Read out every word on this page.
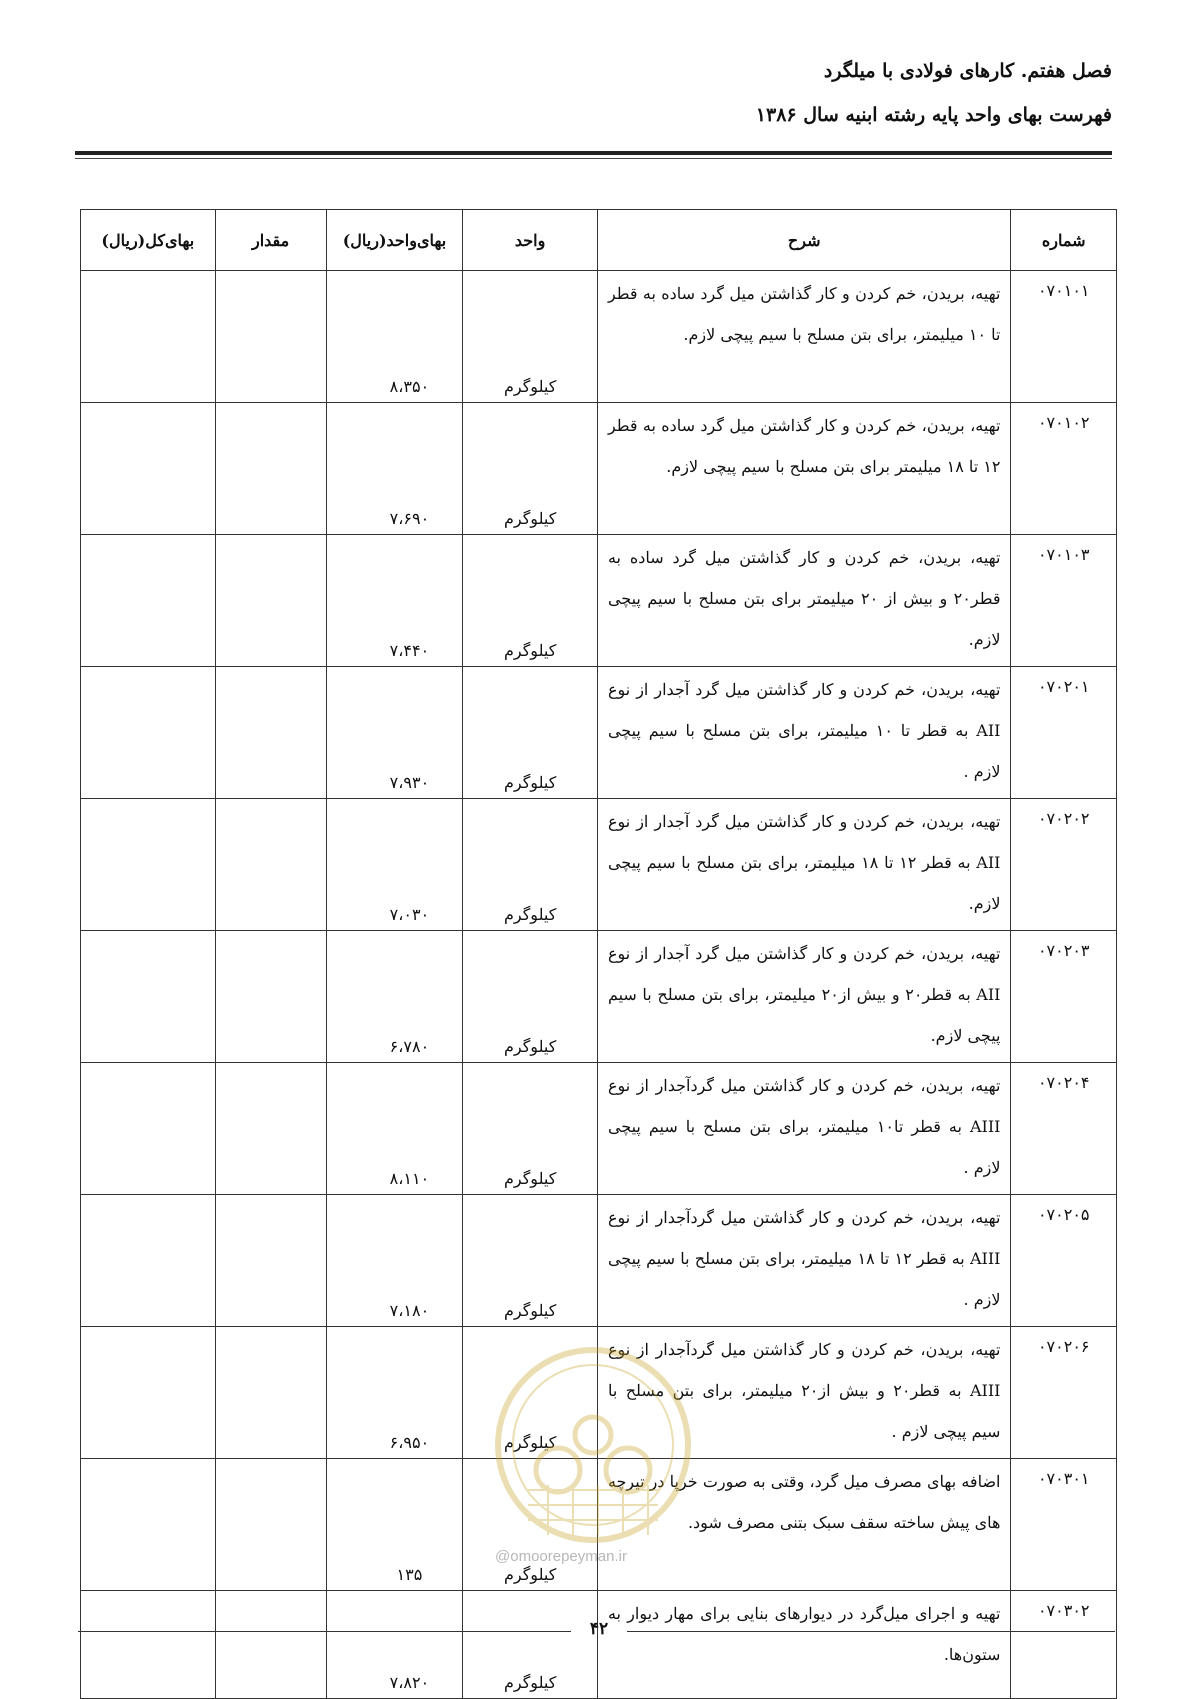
فصل هفتم. کارهای فولادی با میلگرد
فهرست بهای واحد پایه رشته ابنیه سال ۱۳۸۶
شماره	شرح	واحد	بهای‌واحد(ریال)	مقدار	بهای‌کل(ریال)
۰۷۰۱۰۱	تهیه، بریدن، خم کردن و کار گذاشتن میل گرد ساده به قطر تا ۱۰ میلیمتر، برای بتن مسلح با سیم پیچی لازم.	کیلوگرم	۸،۳۵۰		
۰۷۰۱۰۲	تهیه، بریدن، خم کردن و کار گذاشتن میل گرد ساده به قطر ۱۲ تا ۱۸ میلیمتر برای بتن مسلح با سیم پیچی لازم.	کیلوگرم	۷،۶۹۰		
۰۷۰۱۰۳	تهیه، بریدن، خم کردن و کار گذاشتن میل گرد ساده به قطر۲۰ و بیش از ۲۰ میلیمتر برای بتن مسلح با سیم پیچی لازم.	کیلوگرم	۷،۴۴۰		
۰۷۰۲۰۱	تهیه، بریدن، خم کردن و کار گذاشتن میل گرد آجدار از نوع AII به قطر تا ۱۰ میلیمتر، برای بتن مسلح با سیم پیچی لازم .	کیلوگرم	۷،۹۳۰		
۰۷۰۲۰۲	تهیه، بریدن، خم کردن و کار گذاشتن میل گرد آجدار از نوع AII به قطر ۱۲ تا ۱۸ میلیمتر، برای بتن مسلح با سیم پیچی لازم.	کیلوگرم	۷،۰۳۰		
۰۷۰۲۰۳	تهیه، بریدن، خم کردن و کار گذاشتن میل گرد آجدار از نوع AII به قطر۲۰ و بیش از۲۰ میلیمتر، برای بتن مسلح با سیم پیچی لازم.	کیلوگرم	۶،۷۸۰		
۰۷۰۲۰۴	تهیه، بریدن، خم کردن و کار گذاشتن میل گردآجدار از نوع AIII به قطر تا۱۰ میلیمتر، برای بتن مسلح با سیم پیچی لازم .	کیلوگرم	۸،۱۱۰		
۰۷۰۲۰۵	تهیه، بریدن، خم کردن و کار گذاشتن میل گردآجدار از نوع AIII به قطر ۱۲ تا ۱۸ میلیمتر، برای بتن مسلح با سیم پیچی لازم .	کیلوگرم	۷،۱۸۰		
۰۷۰۲۰۶	تهیه، بریدن، خم کردن و کار گذاشتن میل گردآجدار از نوع AIII به قطر۲۰ و بیش از۲۰ میلیمتر، برای بتن مسلح با سیم پیچی لازم .	کیلوگرم	۶،۹۵۰		
۰۷۰۳۰۱	اضافه بهای مصرف میل گرد، وقتی به صورت خرپا در تیرچه های پیش ساخته سقف سبک بتنی مصرف شود.	کیلوگرم	۱۳۵		
۰۷۰۳۰۲	تهیه و اجرای میل‌گرد در دیوارهای بنایی برای مهار دیوار به ستون‌ها.	کیلوگرم	۷،۸۲۰		
@omoorepeyman.ir
۴۲
